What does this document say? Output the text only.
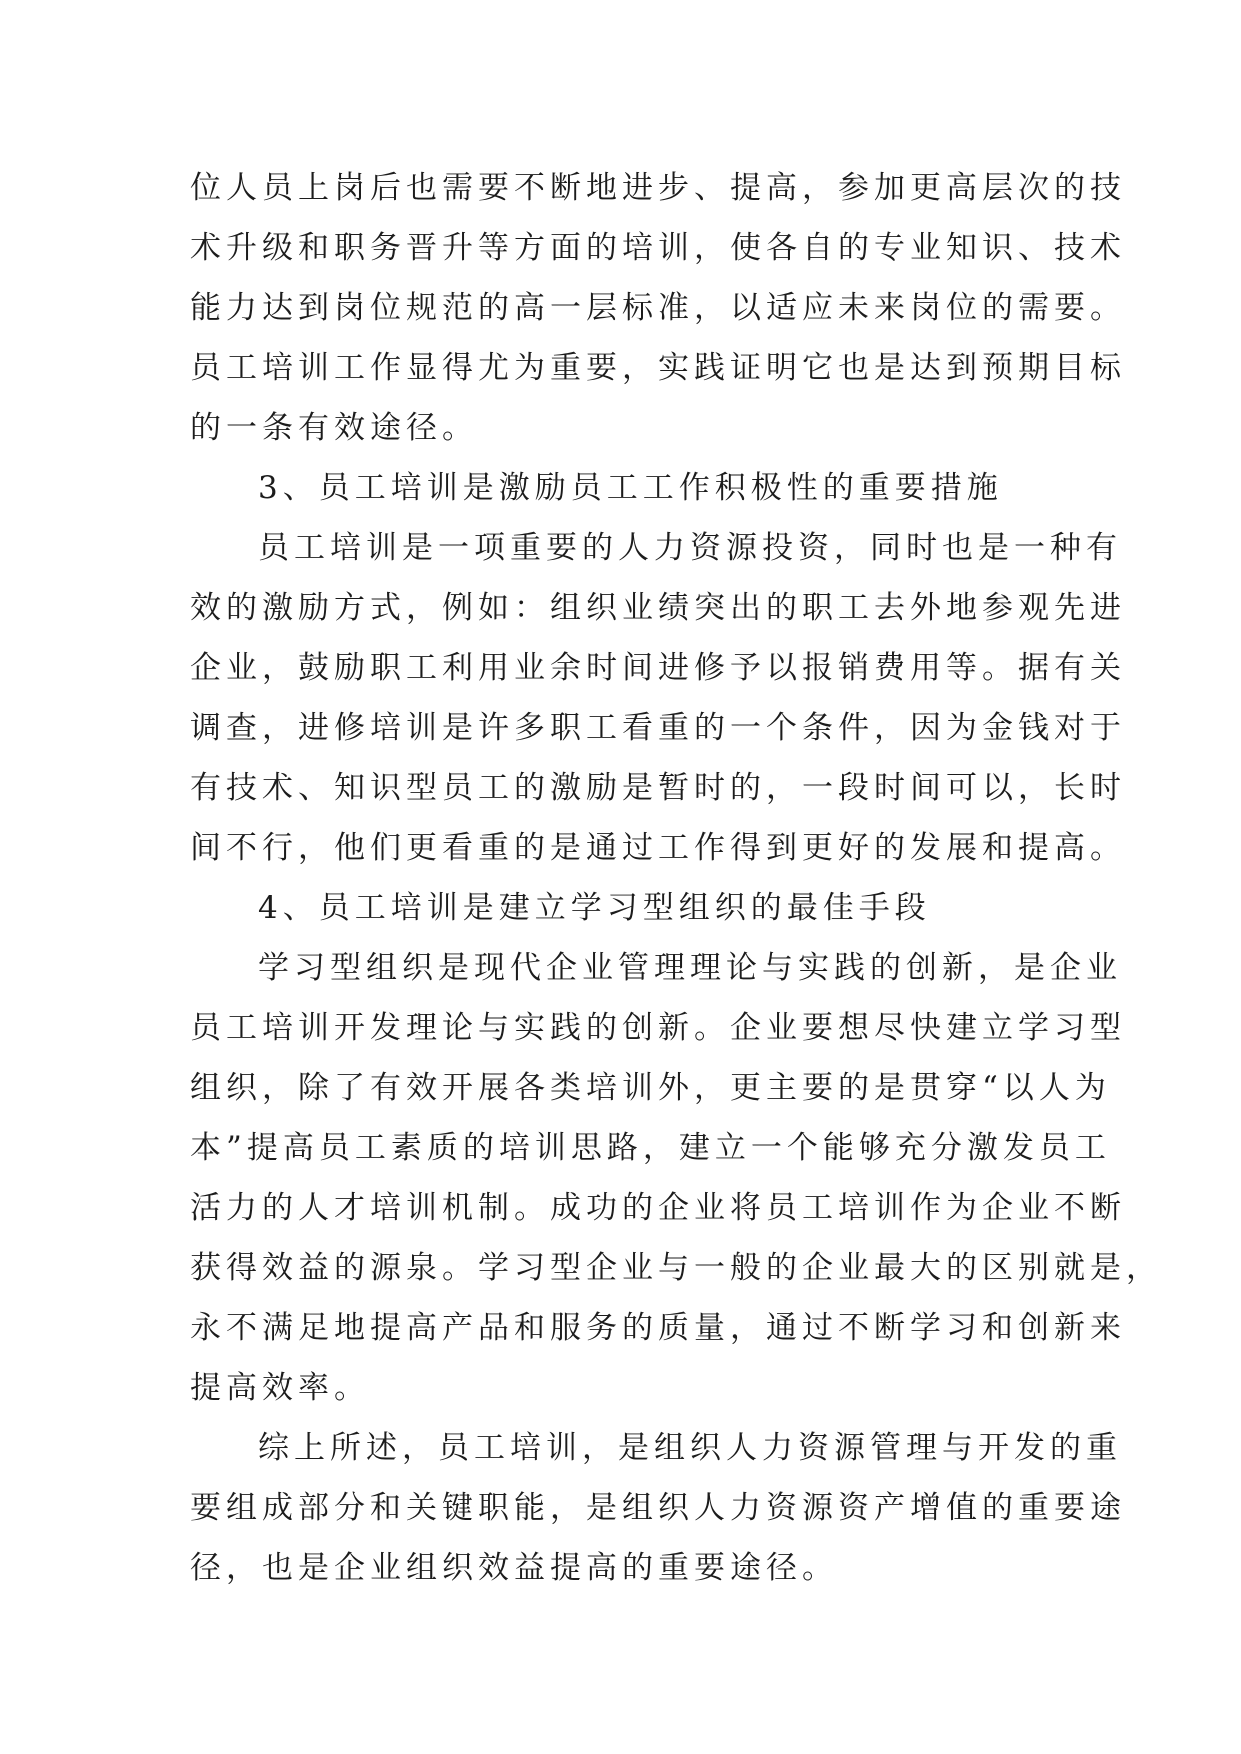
位人员上岗后也需要不断地进步、提高，参加更高层次的技

术升级和职务晋升等方面的培训，使各自的专业知识、技术

能力达到岗位规范的高一层标准，以适应未来岗位的需要。

员工培训工作显得尤为重要，实践证明它也是达到预期目标

的一条有效途径。

3、员工培训是激励员工工作积极性的重要措施

员工培训是一项重要的人力资源投资，同时也是一种有

效的激励方式，例如：组织业绩突出的职工去外地参观先进

企业，鼓励职工利用业余时间进修予以报销费用等。据有关

调查，进修培训是许多职工看重的一个条件，因为金钱对于

有技术、知识型员工的激励是暂时的，一段时间可以，长时

间不行，他们更看重的是通过工作得到更好的发展和提高。

4、员工培训是建立学习型组织的最佳手段

学习型组织是现代企业管理理论与实践的创新，是企业

员工培训开发理论与实践的创新。企业要想尽快建立学习型

组织，除了有效开展各类培训外，更主要的是贯穿“以人为

本”提高员工素质的培训思路，建立一个能够充分激发员工

活力的人才培训机制。成功的企业将员工培训作为企业不断

获得效益的源泉。学习型企业与一般的企业最大的区别就是，

永不满足地提高产品和服务的质量，通过不断学习和创新来

提高效率。

综上所述，员工培训，是组织人力资源管理与开发的重

要组成部分和关键职能，是组织人力资源资产增值的重要途

径，也是企业组织效益提高的重要途径。
